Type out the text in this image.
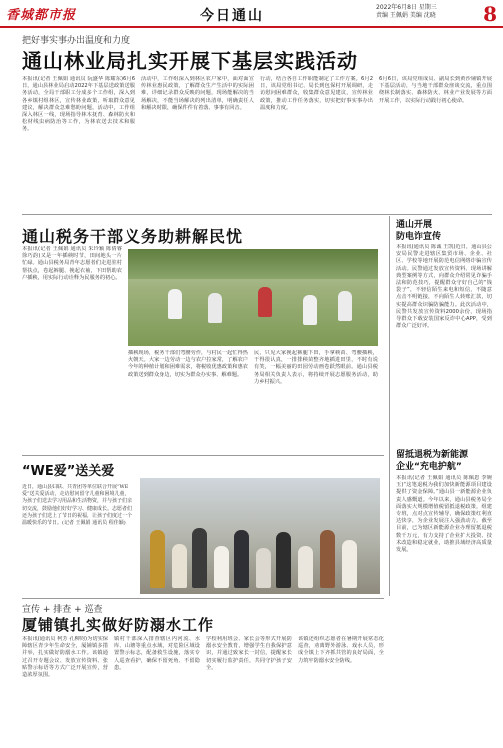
香城都市报	今日通山
2022年6月8日 星期三
责编 王佩娟 美编 沈晓	8
把好事实事办出温度和力度
通山林业局扎实开展下基层实践活动
本报讯(记者 王佩娟 通讯员 阮盛华 陈耀东)6月6日，通山县林业局启动2022年下基层送政策送服务活动，全局干部职工分成多个工作组，深入到各乡镇村组林区，宣传林业政策，听取群众意见建议，解决群众急难愁盼问题。活动中，工作组深入林区一线，现场指导林木抚育、森林防火和松材线虫病防治等工作，为林农送去技术和服务。
活动中，工作组深入到林区农户家中，面对面宣传林业惠民政策，了解群众生产生活中的实际困难，详细记录群众反映的问题，现场能解决的当场解决，不能当场解决的列出清单，明确责任人和解决时限，确保件件有着落、事事有回音。
行动，结合各自工作职能制定了工作方案。6月2日，该局党组书记、局长到包保村开展调研，走访慰问困难群众，收集群众意见建议，宣传林业政策，推动工作任务落实，切实把好事实事办出温度和力度。
6月6日，该局党组成员、副局长到黄沙铺镇开展下基层活动，与当地干部群众座谈交流，重点围绕林长制落实、森林防火、林业产业发展等方面开展工作，以实际行动践行初心使命。
通山税务干部义务助耕解民忧
本报讯(记者 王佩娟 通讯员 朱玲颖 陈倩睿 徐巧韵)又是一年插秧时节，田间地头一片忙碌。通山县税务局青年志愿者们走进驻村帮扶点，卷起裤腿、挽起衣袖，下田帮助农户插秧，用实际行动诠释为民服务的初心。
插秧现场，税务干部们弯腰劳作，与村民一起忙得热火朝天。大家一边劳动一边与农户拉家常，了解农户今年的种植计划和困难需求，将税收优惠政策和惠农政策送到群众身边，切实为群众办实事、解难题。
民，只见大家挽起裤腿下田，手拿秧苗、弯腰插秧，干得很认真，一排排秧苗整齐地插进田里，不时有说有笑，一幅美丽的田园劳动画卷跃然眼前。通山县税务局相关负责人表示，将持续开展志愿服务活动，助力乡村振兴。
通山开展
防电诈宣传
本报讯(通讯员 陈诚 王凯)近日，通山县公安局民警走进辖区集贸市场、企业、社区、学校等地开展防范电信网络诈骗宣传活动。民警通过发放宣传资料、现场讲解典型案例等方式，向群众介绍常见诈骗手法和防范技巧，提醒群众守好自己的“钱袋子”，不轻信陌生来电和短信，不随意点击不明链接，不向陌生人转账汇款，切实提高群众识骗防骗能力。此次活动中，民警共发放宣传资料2000余份，现场指导群众下载安装国家反诈中心APP，受到群众广泛好评。
“WE爱”送关爱
近日，通山县妇联、共青团等单位联合开展“WE爱”送关爱活动，走访慰问留守儿童和困境儿童，为孩子们送去学习用品和生活物资，并与孩子们亲切交流，鼓励他们好好学习、健康成长。志愿者们还为孩子们送上了节日的祝福，让孩子们度过一个温暖快乐的节日。(记者 王佩娟 通讯员 程佳颖)
留抵退税为新能源
企业“充电护航”
本报讯(记者 王佩娟 通讯员 陈佩恩 李婉玉)“这笔退税为我们加快新能源项目建设提供了资金保障。”通山县一新能源企业负责人感慨道。今年以来，通山县税务局全面落实大规模增值税留抵退税政策，组建专班，点对点宣传辅导，确保政策红利直达快享，为企业发展注入强劲动力。截至目前，已为辖区新能源企业办理留抵退税数千万元，有力支持了企业扩大投资、技术改造和稳定就业，助推县域经济高质量发展。
宣传 + 排查 + 巡查
厦铺镇扎实做好防溺水工作
本报讯(通讯员 柯芳 孔柳钧)为切实保障辖区青少年生命安全，厦铺镇多措并举，扎实做好防溺水工作。该镇通过召开专题会议、发放宣传资料、张贴警示标语等方式广泛开展宣传，营造浓厚氛围。
镇村干部深入排查辖区内河流、水库、山塘等重点水域，对危险区域设置警示标志，配备救生设施，落实专人巡查看护，确保不留死角、不留隐患。
学校利用班会、家长会等形式开展防溺水安全教育，增强学生自我保护意识，并通过致家长一封信，提醒家长切实履行监护责任，共同守护孩子安全。
该镇还组织志愿者在暑期开展常态化巡查，劝离野外游泳、戏水人员，形成全镇上下齐抓共管的良好局面，全力筑牢防溺水安全防线。
